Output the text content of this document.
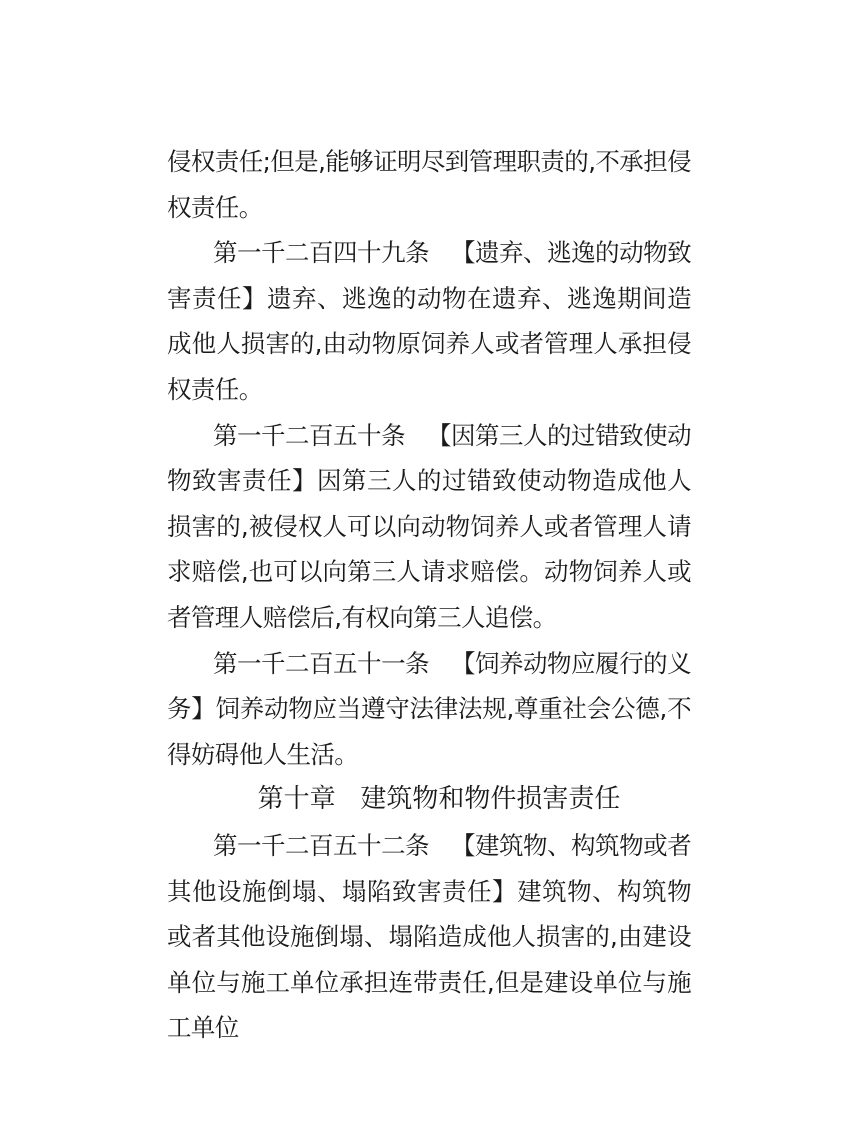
侵权责任;但是,能够证明尽到管理职责的,不承担侵权责任。

第一千二百四十九条 【遗弃、逃逸的动物致害责任】遗弃、逃逸的动物在遗弃、逃逸期间造成他人损害的,由动物原饲养人或者管理人承担侵权责任。

第一千二百五十条 【因第三人的过错致使动物致害责任】因第三人的过错致使动物造成他人损害的,被侵权人可以向动物饲养人或者管理人请求赔偿,也可以向第三人请求赔偿。动物饲养人或者管理人赔偿后,有权向第三人追偿。

第一千二百五十一条 【饲养动物应履行的义务】饲养动物应当遵守法律法规,尊重社会公德,不得妨碍他人生活。

第十章 建筑物和物件损害责任

第一千二百五十二条 【建筑物、构筑物或者其他设施倒塌、塌陷致害责任】建筑物、构筑物或者其他设施倒塌、塌陷造成他人损害的,由建设单位与施工单位承担连带责任,但是建设单位与施工单位
